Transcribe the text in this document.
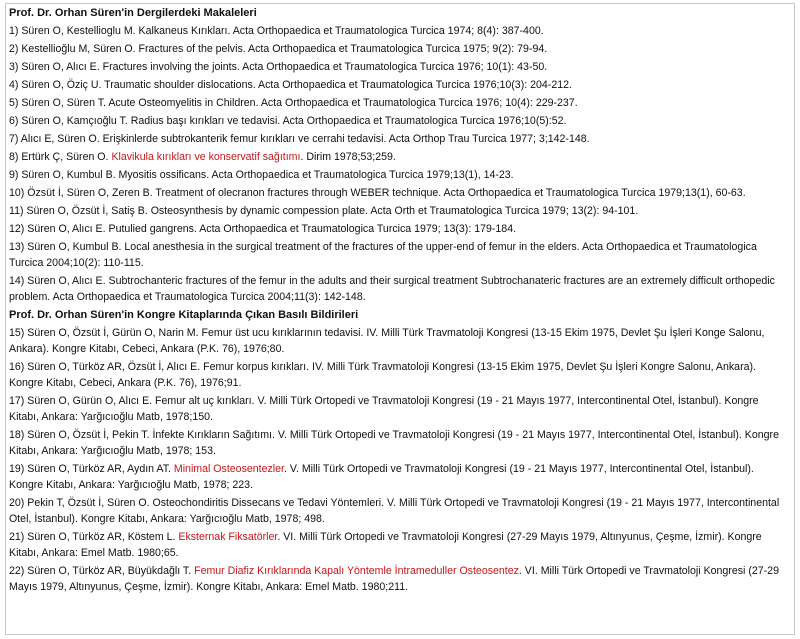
Prof. Dr. Orhan Süren'in Dergilerdeki Makaleleri
1) Süren O, Kestellioglu M. Kalkaneus Kırıkları. Acta Orthopaedica et Traumatologica Turcica 1974; 8(4): 387-400.
2) Kestellioğlu M, Süren O. Fractures of the pelvis. Acta Orthopaedica et Traumatologica Turcica 1975; 9(2): 79-94.
3) Süren O, Alıcı E. Fractures involving the joints. Acta Orthopaedica et Traumatologica Turcica 1976; 10(1): 43-50.
4) Süren O, Öziç U. Traumatic shoulder dislocations. Acta Orthopaedica et Traumatologica Turcica 1976;10(3): 204-212.
5) Süren O, Süren T. Acute Osteomyelitis in Children. Acta Orthopaedica et Traumatologica Turcica 1976; 10(4): 229-237.
6) Süren O, Kamçıoğlu T. Radius başı kırıkları ve tedavisi. Acta Orthopaedica et Traumatologica Turcica 1976;10(5):52.
7) Alıcı E, Süren O. Erişkinlerde subtrokanterik femur kırıkları ve cerrahi tedavisi. Acta Orthop Trau Turcica 1977; 3;142-148.
8) Ertürk Ç, Süren O. Klavikula kırıkları ve konservatif sağıtımı. Dirim 1978;53;259.
9) Süren O, Kumbul B. Myositis ossificans. Acta Orthopaedica et Traumatologica Turcica 1979;13(1), 14-23.
10) Özsüt İ, Süren O, Zeren B. Treatment of olecranon fractures through WEBER technique. Acta Orthopaedica et Traumatologica Turcica 1979;13(1), 60-63.
11) Süren O, Özsüt İ, Satiş B. Osteosynthesis by dynamic compession plate. Acta Orth et Traumatologica Turcica 1979; 13(2): 94-101.
12) Süren O, Alıcı E. Putulied gangrens. Acta Orthopaedica et Traumatologica Turcica 1979; 13(3): 179-184.
13) Süren O, Kumbul B. Local anesthesia in the surgical treatment of the fractures of the upper-end of femur in the elders. Acta Orthopaedica et Traumatologica Turcica 2004;10(2): 110-115.
14) Süren O, Alıcı E. Subtrochanteric fractures of the femur in the adults and their surgical treatment Subtrochanateric fractures are an extremely difficult orthopedic problem. Acta Orthopaedica et Traumatologica Turcica 2004;11(3): 142-148.
Prof. Dr. Orhan Süren'in Kongre Kitaplarında Çıkan Basılı Bildirileri
15) Süren O, Özsüt İ, Gürün O, Narin M. Femur üst ucu kırıklarının tedavisi. IV. Milli Türk Travmatoloji Kongresi (13-15 Ekim 1975, Devlet Şu İşleri Konge Salonu, Ankara). Kongre Kitabı, Cebeci, Ankara (P.K. 76), 1976;80.
16) Süren O, Türköz AR, Özsüt İ, Alıcı E. Femur korpus kırıkları. IV. Milli Türk Travmatoloji Kongresi (13-15 Ekim 1975, Devlet Şu İşleri Kongre Salonu, Ankara). Kongre Kitabı, Cebeci, Ankara (P.K. 76), 1976;91.
17) Süren O, Gürün O, Alıcı E. Femur alt uç kırıkları. V. Milli Türk Ortopedi ve Travmatoloji Kongresi (19 - 21 Mayıs 1977, Intercontinental Otel, İstanbul). Kongre Kitabı, Ankara: Yarğıcıoğlu Matb, 1978;150.
18) Süren O, Özsüt İ, Pekin T. İnfekte Kırıkların Sağıtımı. V. Milli Türk Ortopedi ve Travmatoloji Kongresi (19 - 21 Mayıs 1977, Intercontinental Otel, İstanbul). Kongre Kitabı, Ankara: Yarğıcıoğlu Matb, 1978; 153.
19) Süren O, Türköz AR, Aydın AT. Minimal Osteosentezler. V. Milli Türk Ortopedi ve Travmatoloji Kongresi (19 - 21 Mayıs 1977, Intercontinental Otel, İstanbul). Kongre Kitabı, Ankara: Yarğıcıoğlu Matb, 1978; 223.
20) Pekin T, Özsüt İ, Süren O. Osteochondiritis Dissecans ve Tedavi Yöntemleri. V. Milli Türk Ortopedi ve Travmatoloji Kongresi (19 - 21 Mayıs 1977, Intercontinental Otel, İstanbul). Kongre Kitabı, Ankara: Yarğıcıoğlu Matb, 1978; 498.
21) Süren O, Türköz AR, Köstem L. Eksternak Fiksatörler. VI. Milli Türk Ortopedi ve Travmatoloji Kongresi (27-29 Mayıs 1979, Altınyunus, Çeşme, İzmir). Kongre Kitabı, Ankara: Emel Matb. 1980;65.
22) Süren O, Türköz AR, Büyükdağlı T. Femur Diafiz Kırıklarında Kapalı Yöntemle İntrameduller Osteosentez. VI. Milli Türk Ortopedi ve Travmatoloji Kongresi (27-29 Mayıs 1979, Altınyunus, Çeşme, İzmir). Kongre Kitabı, Ankara: Emel Matb. 1980;211.
